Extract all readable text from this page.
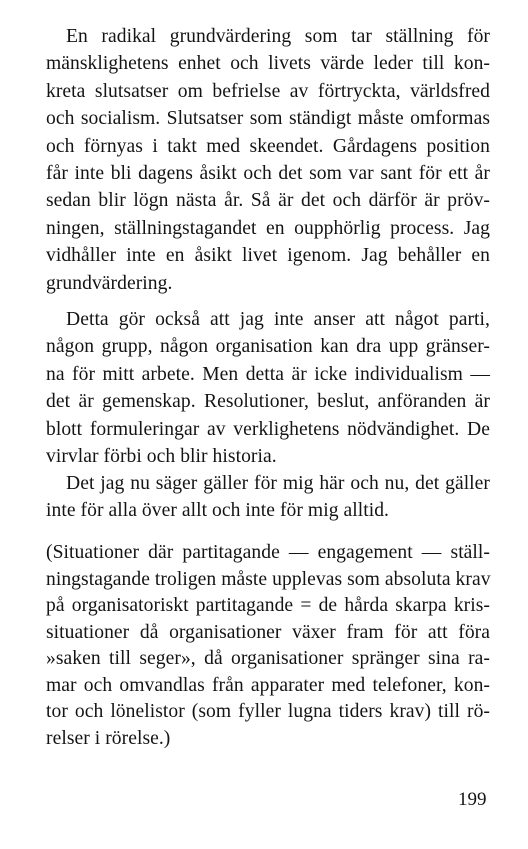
En radikal grundvärdering som tar ställning för
mänsklighetens enhet och livets värde leder till kon-
kreta slutsatser om befrielse av förtryckta, världsfred
och socialism. Slutsatser som ständigt måste omformas
och förnyas i takt med skeendet. Gårdagens position
får inte bli dagens åsikt och det som var sant för ett år
sedan blir lögn nästa år. Så är det och därför är pröv-
ningen, ställningstagandet en oupphörlig process. Jag
vidhåller inte en åsikt livet igenom. Jag behåller en
grundvärdering.
Detta gör också att jag inte anser att något parti,
någon grupp, någon organisation kan dra upp gränser-
na för mitt arbete. Men detta är icke individualism —
det är gemenskap. Resolutioner, beslut, anföranden är
blott formuleringar av verklighetens nödvändighet. De
virvlar förbi och blir historia.
Det jag nu säger gäller för mig här och nu, det gäller
inte för alla över allt och inte för mig alltid.
(Situationer där partitagande — engagement — ställ-
ningstagande troligen måste upplevas som absoluta krav
på organisatoriskt partitagande = de hårda skarpa kris-
situationer då organisationer växer fram för att föra
»saken till seger», då organisationer spränger sina ra-
mar och omvandlas från apparater med telefoner, kon-
tor och lönelistor (som fyller lugna tiders krav) till rö-
relser i rörelse.)
199
